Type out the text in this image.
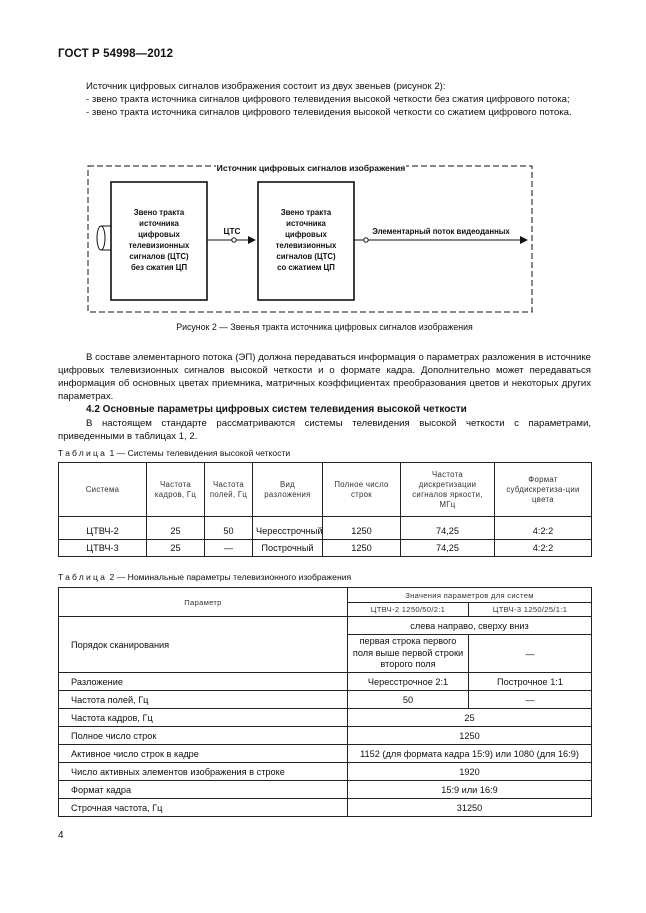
ГОСТ Р 54998—2012

Источник цифровых сигналов изображения состоит из двух звеньев (рисунок 2):

- звено тракта источника сигналов цифрового телевидения высокой четкости без сжатия цифрового потока;

- звено тракта источника сигналов цифрового телевидения высокой четкости со сжатием цифрового потока.

Источник цифровых сигналов изображения
Звено тракта
источника
цифровых
телевизионных
сигналов (ЦТС)
без сжатия ЦП
ЦТС
Звено тракта
источника
цифровых
телевизионных
сигналов (ЦТС)
со сжатием ЦП
Элементарный поток видеоданных
Рисунок 2 — Звенья тракта источника цифровых сигналов изображения

В составе элементарного потока (ЭП) должна передаваться информация о параметрах разложения в источнике цифровых телевизионных сигналов высокой четкости и о формате кадра. Дополнительно может передаваться информация об основных цветах приемника, матричных коэффициентах преобразования цветов и некоторых других параметрах.

4.2 Основные параметры цифровых систем телевидения высокой четкости

В настоящем стандарте рассматриваются системы телевидения высокой четкости с параметрами, приведенными в таблицах 1, 2.

Таблица 1 — Системы телевидения высокой четкости
Система	Частота кадров, Гц	Частота полей, Гц	Вид разложения	Полное число строк	Частота дискретизации сигналов яркости, МГц	Формат субдискретиза-ции цвета

ЦТВЧ-2	25	50	Чересстрочный	1250	74,25	4:2:2
ЦТВЧ-3	25	—	Построчный	1250	74,25	4:2:2
Таблица 2 — Номинальные параметры телевизионного изображения
Параметр	Значения параметров для систем	
	ЦТВЧ-2 1250/50/2:1	ЦТВЧ-3 1250/25/1:1
Порядок сканирования	слева направо, сверху вниз	
	первая строка первого поля выше первой строки второго поля	—
Разложение	Чересстрочное 2:1	Построчное 1:1
Частота полей, Гц	50	—
Частота кадров, Гц	25	
Полное число строк	1250	
Активное число строк в кадре	1152 (для формата кадра 15:9) или 1080 (для 16:9)	
Число активных элементов изображения в строке	1920	
Формат кадра	15:9 или 16:9	
Строчная частота, Гц	31250	
4
